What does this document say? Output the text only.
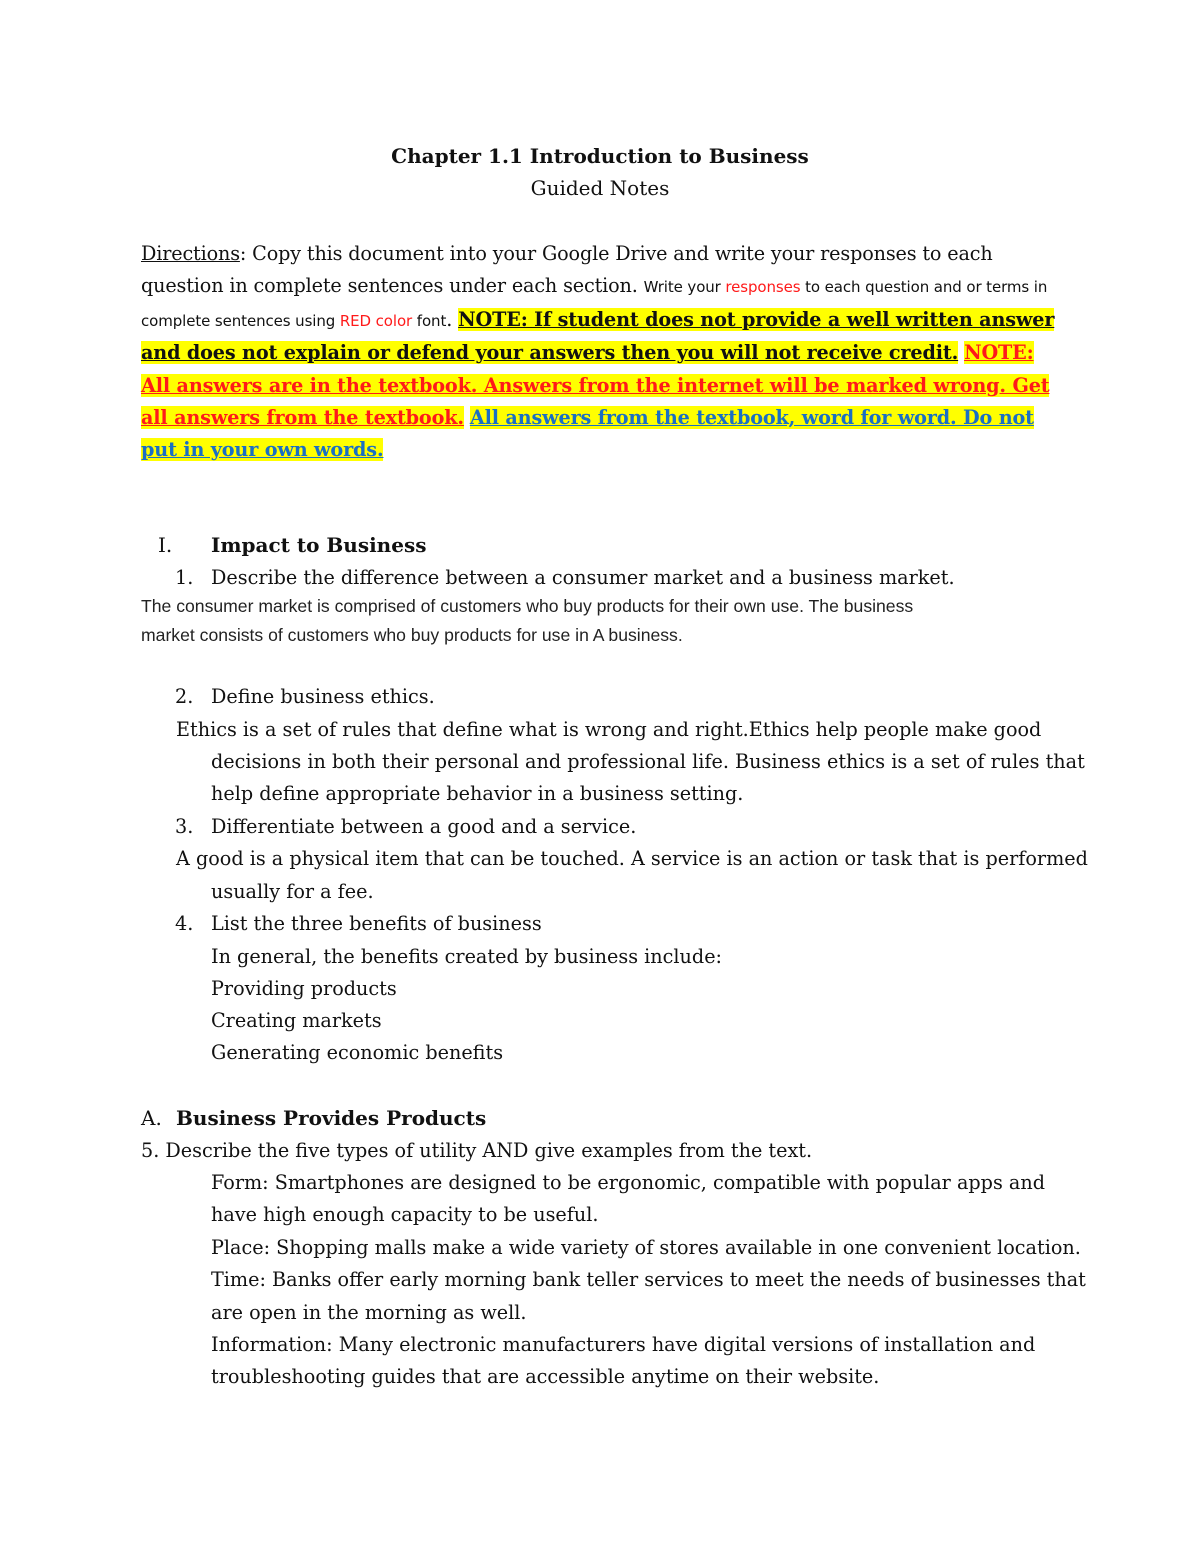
Chapter 1.1 Introduction to Business
Guided Notes
Directions: Copy this document into your Google Drive and write your responses to each question in complete sentences under each section. Write your responses to each question and or terms in complete sentences using RED color font. NOTE: If student does not provide a well written answer and does not explain or defend your answers then you will not receive credit. NOTE: All answers are in the textbook. Answers from the internet will be marked wrong. Get all answers from the textbook. All answers from the textbook, word for word. Do not put in your own words.
I. Impact to Business
1. Describe the difference between a consumer market and a business market.
The consumer market is comprised of customers who buy products for their own use. The business
market consists of customers who buy products for use in A business.
2. Define business ethics.
Ethics is a set of rules that define what is wrong and right.Ethics help people make good
decisions in both their personal and professional life. Business ethics is a set of rules that
help define appropriate behavior in a business setting.
3. Differentiate between a good and a service.
A good is a physical item that can be touched. A service is an action or task that is performed
usually for a fee.
4. List the three benefits of business
In general, the benefits created by business include:
Providing products
Creating markets
Generating economic benefits
A. Business Provides Products
5. Describe the five types of utility AND give examples from the text.
Form: Smartphones are designed to be ergonomic, compatible with popular apps and
have high enough capacity to be useful.
Place: Shopping malls make a wide variety of stores available in one convenient location.
Time: Banks offer early morning bank teller services to meet the needs of businesses that
are open in the morning as well.
Information: Many electronic manufacturers have digital versions of installation and
troubleshooting guides that are accessible anytime on their website.
